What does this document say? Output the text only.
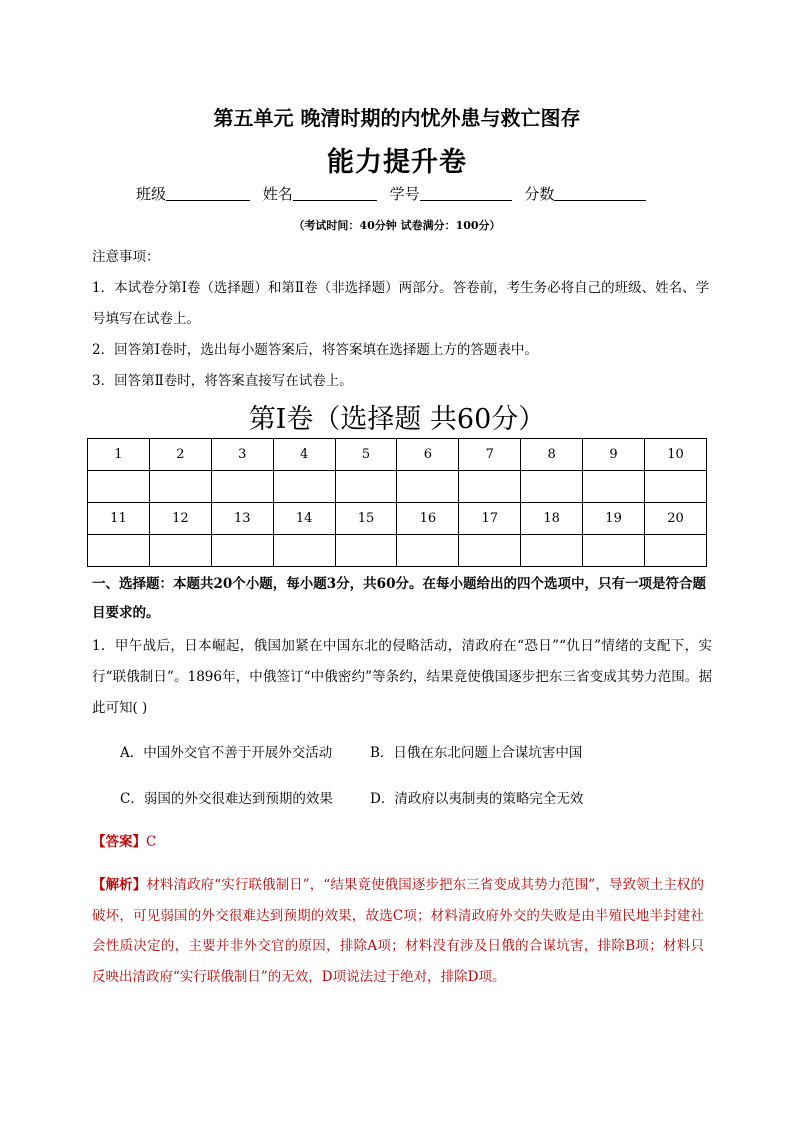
第五单元 晚清时期的内忧外患与救亡图存
能力提升卷
班级	姓名	学号	分数
（考试时间：40分钟 试卷满分：100分）
注意事项：
1．本试卷分第Ⅰ卷（选择题）和第Ⅱ卷（非选择题）两部分。答卷前，考生务必将自己的班级、姓名、学号填写在试卷上。
2．回答第Ⅰ卷时，选出每小题答案后，将答案填在选择题上方的答题表中。
3．回答第Ⅱ卷时，将答案直接写在试卷上。
第Ⅰ卷（选择题 共60分）
1	2	3	4	5	6	7	8	9	10

11	12	13	14	15	16	17	18	19	20

一、选择题：本题共20个小题，每小题3分，共60分。在每小题给出的四个选项中，只有一项是符合题目要求的。
1．甲午战后，日本崛起，俄国加紧在中国东北的侵略活动，清政府在“恐日”“仇日”情绪的支配下，实行“联俄制日”。1896年，中俄签订“中俄密约”等条约，结果竟使俄国逐步把东三省变成其势力范围。据此可知( )
A．中国外交官不善于开展外交活动	B．日俄在东北问题上合谋坑害中国
C．弱国的外交很难达到预期的效果	D．清政府以夷制夷的策略完全无效
【答案】C
【解析】材料清政府“实行联俄制日”，“结果竟使俄国逐步把东三省变成其势力范围”，导致领土主权的破坏，可见弱国的外交很难达到预期的效果，故选C项；材料清政府外交的失败是由半殖民地半封建社会性质决定的，主要并非外交官的原因，排除A项；材料没有涉及日俄的合谋坑害，排除B项；材料只反映出清政府“实行联俄制日”的无效，D项说法过于绝对，排除D项。
